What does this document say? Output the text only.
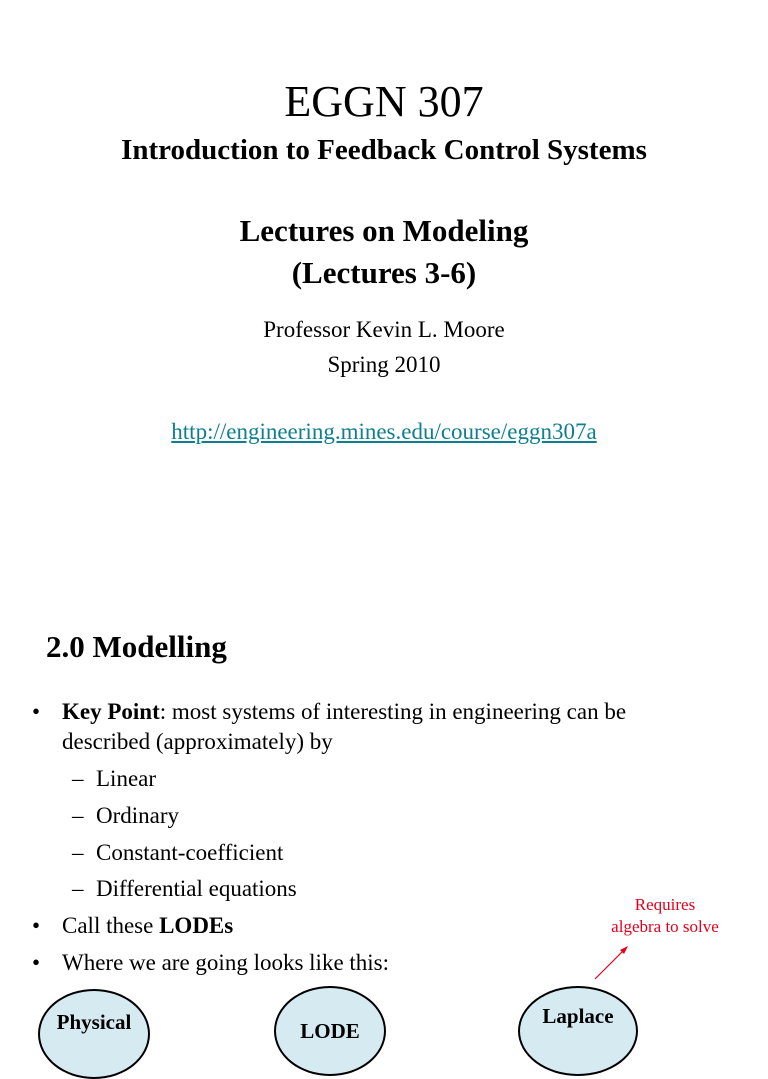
EGGN 307
Introduction to Feedback Control Systems
Lectures on Modeling
(Lectures 3-6)
Professor Kevin L. Moore
Spring 2010
http://engineering.mines.edu/course/eggn307a
2.0 Modelling
• Key Point: most systems of interesting in engineering can be
described (approximately) by
– Linear
– Ordinary
– Constant-coefficient
– Differential equations
• Call these LODEs
• Where we are going looks like this:
Requires
algebra to solve
Physical	LODE
Laplace
